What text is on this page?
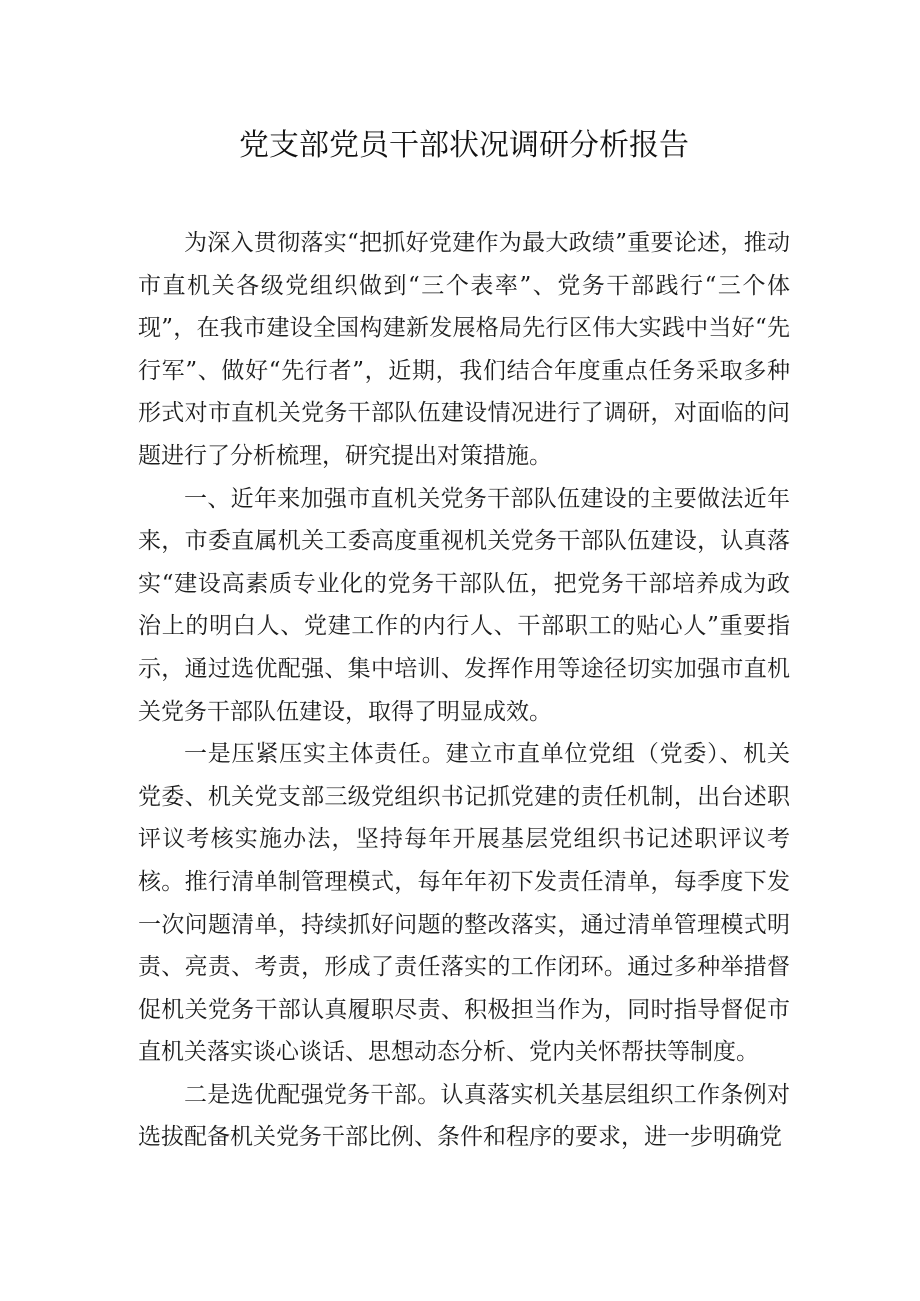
党支部党员干部状况调研分析报告

为深入贯彻落实“把抓好党建作为最大政绩”重要论述，推动市直机关各级党组织做到“三个表率”、党务干部践行“三个体现”，在我市建设全国构建新发展格局先行区伟大实践中当好“先行军”、做好“先行者”，近期，我们结合年度重点任务采取多种形式对市直机关党务干部队伍建设情况进行了调研，对面临的问题进行了分析梳理，研究提出对策措施。

一、近年来加强市直机关党务干部队伍建设的主要做法近年来，市委直属机关工委高度重视机关党务干部队伍建设，认真落实“建设高素质专业化的党务干部队伍，把党务干部培养成为政治上的明白人、党建工作的内行人、干部职工的贴心人”重要指示，通过选优配强、集中培训、发挥作用等途径切实加强市直机关党务干部队伍建设，取得了明显成效。

一是压紧压实主体责任。建立市直单位党组（党委）、机关党委、机关党支部三级党组织书记抓党建的责任机制，出台述职评议考核实施办法，坚持每年开展基层党组织书记述职评议考核。推行清单制管理模式，每年年初下发责任清单，每季度下发一次问题清单，持续抓好问题的整改落实，通过清单管理模式明责、亮责、考责，形成了责任落实的工作闭环。通过多种举措督促机关党务干部认真履职尽责、积极担当作为，同时指导督促市直机关落实谈心谈话、思想动态分析、党内关怀帮扶等制度。

二是选优配强党务干部。认真落实机关基层组织工作条例对选拔配备机关党务干部比例、条件和程序的要求，进一步明确党
